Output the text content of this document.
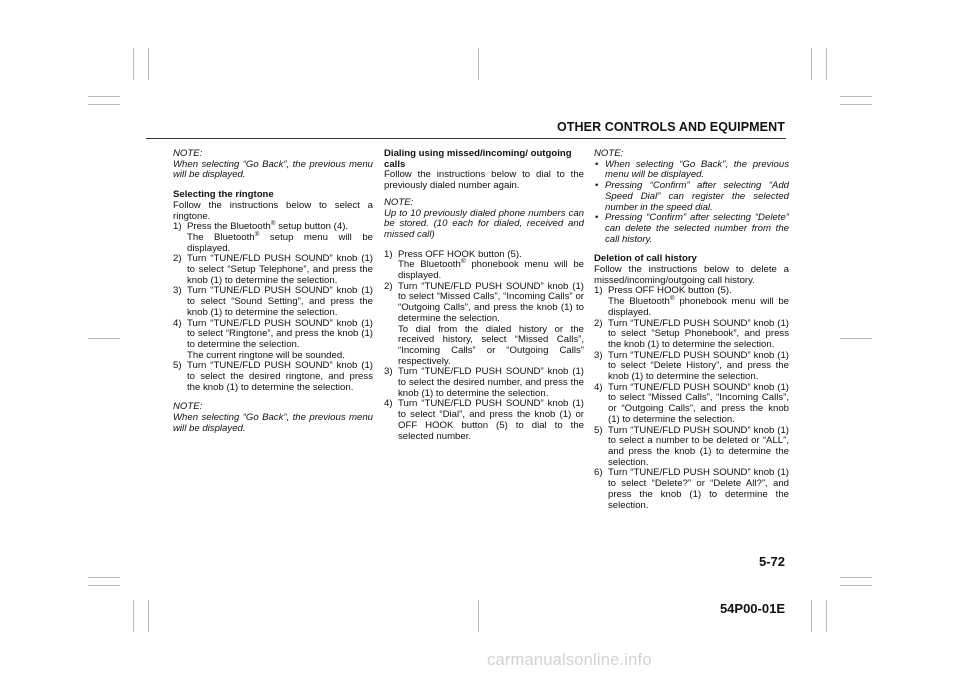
OTHER CONTROLS AND EQUIPMENT
NOTE:
When selecting “Go Back”, the previous menu will be displayed.
Selecting the ringtone
Follow the instructions below to select a ringtone.
1) Press the Bluetooth® setup button (4).
The Bluetooth® setup menu will be displayed.
2) Turn “TUNE/FLD PUSH SOUND” knob (1) to select “Setup Telephone”, and press the knob (1) to determine the selection.
3) Turn “TUNE/FLD PUSH SOUND” knob (1) to select “Sound Setting”, and press the knob (1) to determine the selection.
4) Turn “TUNE/FLD PUSH SOUND” knob (1) to select “Ringtone”, and press the knob (1) to determine the selection.
The current ringtone will be sounded.
5) Turn “TUNE/FLD PUSH SOUND” knob (1) to select the desired ringtone, and press the knob (1) to determine the selection.
NOTE:
When selecting “Go Back”, the previous menu will be displayed.
Dialing using missed/incoming/ outgoing calls
Follow the instructions below to dial to the previously dialed number again.
NOTE:
Up to 10 previously dialed phone numbers can be stored. (10 each for dialed, received and missed call)
1) Press OFF HOOK button (5).
The Bluetooth® phonebook menu will be displayed.
2) Turn “TUNE/FLD PUSH SOUND” knob (1) to select “Missed Calls”, “Incoming Calls” or “Outgoing Calls”, and press the knob (1) to determine the selection.
To dial from the dialed history or the received history, select “Missed Calls”, “Incoming Calls” or “Outgoing Calls” respectively.
3) Turn “TUNE/FLD PUSH SOUND” knob (1) to select the desired number, and press the knob (1) to determine the selection.
4) Turn “TUNE/FLD PUSH SOUND” knob (1) to select “Dial”, and press the knob (1) or OFF HOOK button (5) to dial to the selected number.
NOTE:
• When selecting “Go Back”, the previous menu will be displayed.
• Pressing “Confirm” after selecting “Add Speed Dial” can register the selected number in the speed dial.
• Pressing “Confirm” after selecting “Delete” can delete the selected number from the call history.
Deletion of call history
Follow the instructions below to delete a missed/incoming/outgoing call history.
1) Press OFF HOOK button (5).
The Bluetooth® phonebook menu will be displayed.
2) Turn “TUNE/FLD PUSH SOUND” knob (1) to select “Setup Phonebook”, and press the knob (1) to determine the selection.
3) Turn “TUNE/FLD PUSH SOUND” knob (1) to select “Delete History”, and press the knob (1) to determine the selection.
4) Turn “TUNE/FLD PUSH SOUND” knob (1) to select “Missed Calls”, “Incoming Calls”, or “Outgoing Calls”, and press the knob (1) to determine the selection.
5) Turn “TUNE/FLD PUSH SOUND” knob (1) to select a number to be deleted or “ALL”, and press the knob (1) to determine the selection.
6) Turn “TUNE/FLD PUSH SOUND” knob (1) to select “Delete?” or “Delete All?”, and press the knob (1) to determine the selection.
5-72
54P00-01E
carmanualsonline.info
